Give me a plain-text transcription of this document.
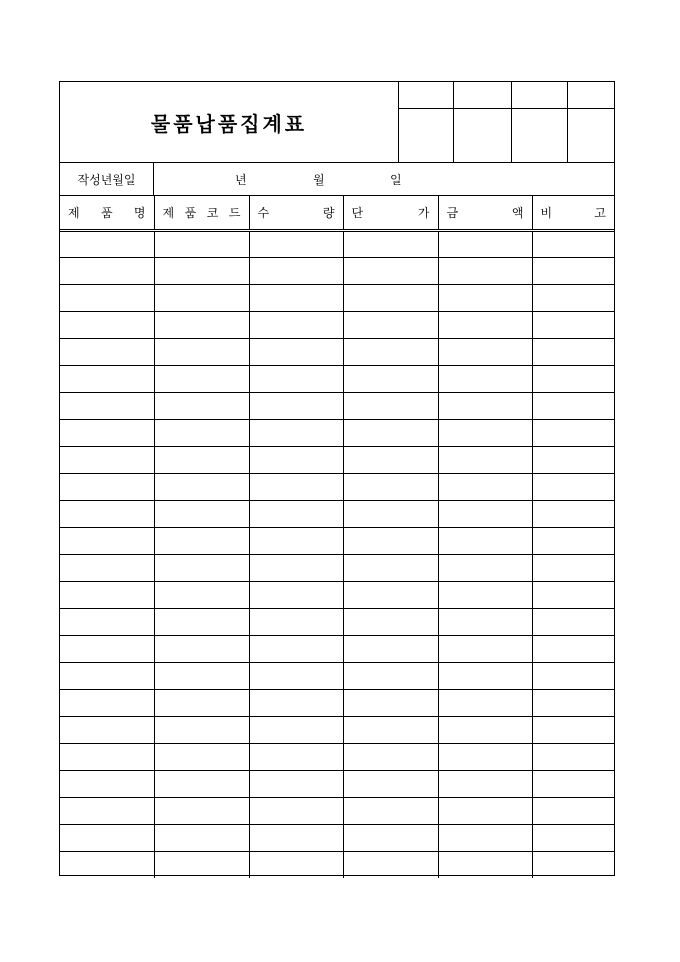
물품납품집계표
작성년월일	년	월	일
제 품 명	제 품 코 드	수 량	단 가	금 액	비 고
